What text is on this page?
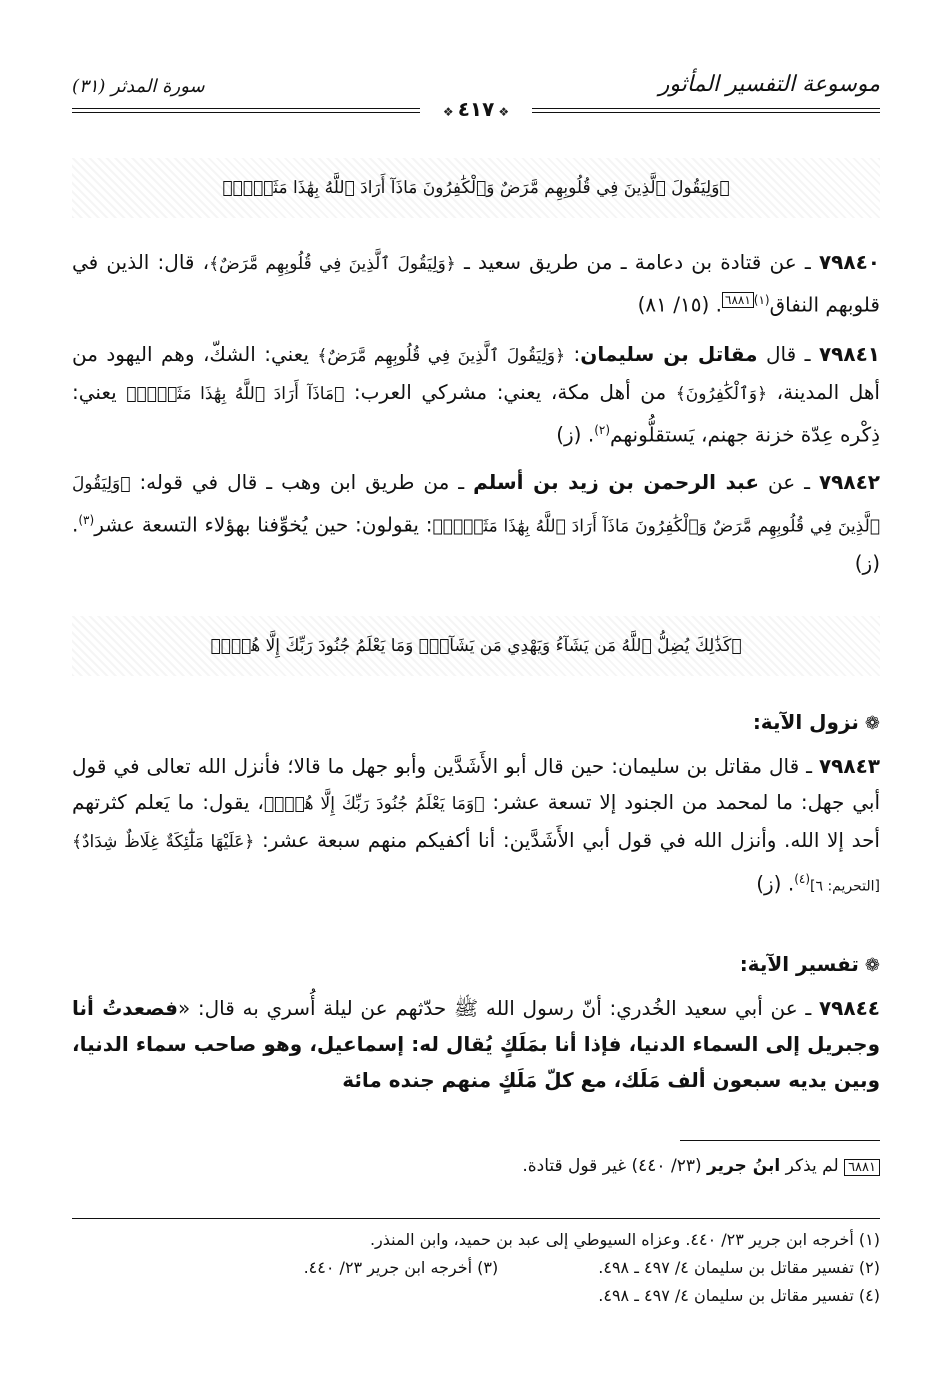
موسوعة التفسير المأثور
سورة المدثر (٣١)
❖٤١٧❖
﴿وَلِيَقُولَ ٱلَّذِينَ فِي قُلُوبِهِم مَّرَضٌ وَٱلْكَٰفِرُونَ مَاذَآ أَرَادَ ٱللَّهُ بِهَٰذَا مَثَلًاۚ﴾
٧٩٨٤٠ ـ عن قتادة بن دعامة ـ من طريق سعيد ـ ﴿وَلِيَقُولَ ٱلَّذِينَ فِي قُلُوبِهِم مَّرَضٌ﴾، قال: الذين في قلوبهم النفاق$^{(١)٦٨٨١}$. (١٥/ ٨١)
٧٩٨٤١ ـ قال مقاتل بن سليمان: ﴿وَلِيَقُولَ ٱلَّذِينَ فِي قُلُوبِهِم مَّرَضٌ﴾ يعني: الشكّ، وهم اليهود من أهل المدينة، ﴿وَٱلْكَٰفِرُونَ﴾ من أهل مكة، يعني: مشركي العرب: ﴿مَاذَآ أَرَادَ ٱللَّهُ بِهَٰذَا مَثَلًاۚ﴾ يعني: ذِكْره عِدّة خزنة جهنم، يَستقلُّونهم$^{(٢)}$. (ز)
٧٩٨٤٢ ـ عن عبد الرحمن بن زيد بن أسلم ـ من طريق ابن وهب ـ قال في قوله: ﴿وَلِيَقُولَ ٱلَّذِينَ فِي قُلُوبِهِم مَّرَضٌ وَٱلْكَٰفِرُونَ مَاذَآ أَرَادَ ٱللَّهُ بِهَٰذَا مَثَلًاۚ﴾: يقولون: حين يُخوِّفنا بهؤلاء التسعة عشر$^{(٣)}$. (ز)
﴿كَذَٰلِكَ يُضِلُّ ٱللَّهُ مَن يَشَآءُ وَيَهْدِي مَن يَشَآءُۚ وَمَا يَعْلَمُ جُنُودَ رَبِّكَ إِلَّا هُوَۚ﴾
❁نزول الآية:
٧٩٨٤٣ ـ قال مقاتل بن سليمان: حين قال أبو الأَشَدَّين وأبو جهل ما قالا؛ فأنزل الله تعالى في قول أبي جهل: ما لمحمد من الجنود إلا تسعة عشر: ﴿وَمَا يَعْلَمُ جُنُودَ رَبِّكَ إِلَّا هُوَۚ﴾، يقول: ما يَعلم كثرتهم أحد إلا الله. وأنزل الله في قول أبي الأَشَدَّين: أنا أكفيكم منهم سبعة عشر: ﴿عَلَيْهَا مَلَٰٓئِكَةٌ غِلَاظٌ شِدَادٌ﴾ [التحريم: ٦]$^{(٤)}$. (ز)
❁تفسير الآية:
٧٩٨٤٤ ـ عن أبي سعيد الخُدري: أنّ رسول الله ﷺ حدّثهم عن ليلة أُسري به قال: «فصعدتُ أنا وجبريل إلى السماء الدنيا، فإذا أنا بمَلَكٍ يُقال له: إسماعيل، وهو صاحب سماء الدنيا، وبين يديه سبعون ألف مَلَك، مع كلّ مَلَكٍ منهم جنده مائة
٦٨٨١ لم يذكر ابنُ جرير (٢٣/ ٤٤٠) غير قول قتادة.
(١) أخرجه ابن جرير ٢٣/ ٤٤٠. وعزاه السيوطي إلى عبد بن حميد، وابن المنذر.
(٢) تفسير مقاتل بن سليمان ٤/ ٤٩٧ ـ ٤٩٨.
(٣) أخرجه ابن جرير ٢٣/ ٤٤٠.
(٤) تفسير مقاتل بن سليمان ٤/ ٤٩٧ ـ ٤٩٨.
